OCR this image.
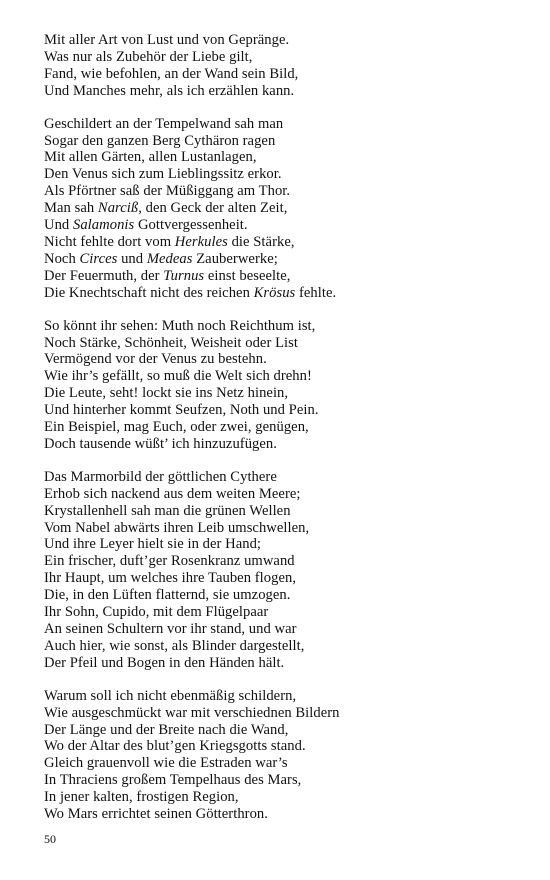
Mit aller Art von Lust und von Gepränge.
Was nur als Zubehör der Liebe gilt,
Fand, wie befohlen, an der Wand sein Bild,
Und Manches mehr, als ich erzählen kann.
Geschildert an der Tempelwand sah man
Sogar den ganzen Berg Cythäron ragen
Mit allen Gärten, allen Lustanlagen,
Den Venus sich zum Lieblingssitz erkor.
Als Pförtner saß der Müßiggang am Thor.
Man sah Narciß, den Geck der alten Zeit,
Und Salamonis Gottvergessenheit.
Nicht fehlte dort vom Herkules die Stärke,
Noch Circes und Medeas Zauberwerke;
Der Feuermuth, der Turnus einst beseelte,
Die Knechtschaft nicht des reichen Krösus fehlte.
So könnt ihr sehen: Muth noch Reichthum ist,
Noch Stärke, Schönheit, Weisheit oder List
Vermögend vor der Venus zu bestehn.
Wie ihr’s gefällt, so muß die Welt sich drehn!
Die Leute, seht! lockt sie ins Netz hinein,
Und hinterher kommt Seufzen, Noth und Pein.
Ein Beispiel, mag Euch, oder zwei, genügen,
Doch tausende wüßt’ ich hinzuzufügen.
Das Marmorbild der göttlichen Cythere
Erhob sich nackend aus dem weiten Meere;
Krystallenhell sah man die grünen Wellen
Vom Nabel abwärts ihren Leib umschwellen,
Und ihre Leyer hielt sie in der Hand;
Ein frischer, duft’ger Rosenkranz umwand
Ihr Haupt, um welches ihre Tauben flogen,
Die, in den Lüften flatternd, sie umzogen.
Ihr Sohn, Cupido, mit dem Flügelpaar
An seinen Schultern vor ihr stand, und war
Auch hier, wie sonst, als Blinder dargestellt,
Der Pfeil und Bogen in den Händen hält.
Warum soll ich nicht ebenmäßig schildern,
Wie ausgeschmückt war mit verschiednen Bildern
Der Länge und der Breite nach die Wand,
Wo der Altar des blut’gen Kriegsgotts stand.
Gleich grauenvoll wie die Estraden war’s
In Thraciens großem Tempelhaus des Mars,
In jener kalten, frostigen Region,
Wo Mars errichtet seinen Götterthron.
50
